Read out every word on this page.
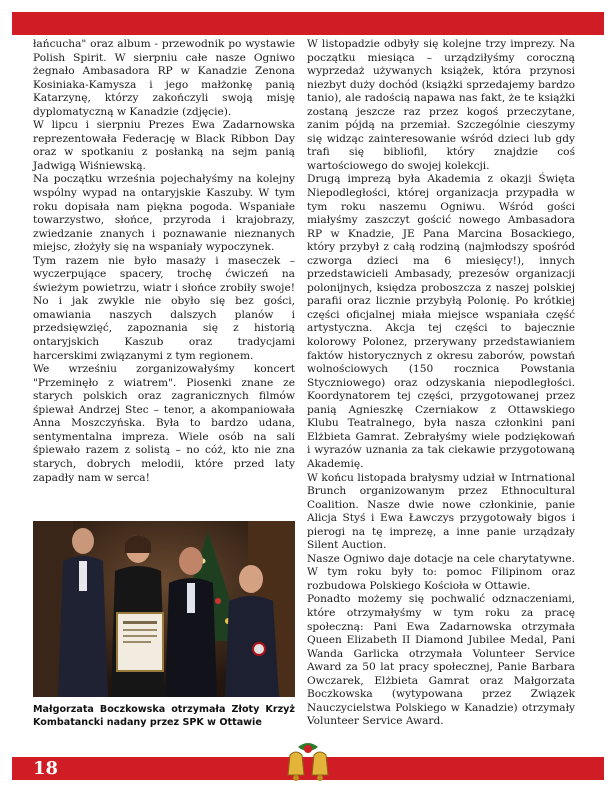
łańcucha" oraz album - przewodnik po wystawie Polish Spirit. W sierpniu całe nasze Ogniwo żegnało Ambasadora RP w Kanadzie Zenona Kosiniaka-Kamysza i jego małżonkę panią Katarzynę, którzy zakończyli swoją misję dyplomatyczną w Kanadzie (zdjęcie).

W lipcu i sierpniu Prezes Ewa Zadarnowska reprezentowała Federację w Black Ribbon Day oraz w spotkaniu z posłanką na sejm panią Jadwigą Wiśniewską.

Na początku września pojechałyśmy na kolejny wspólny wypad na ontaryjskie Kaszuby. W tym roku dopisała nam piękna pogoda. Wspaniałe towarzystwo, słońce, przyroda i krajobrazy, zwiedzanie znanych i poznawanie nieznanych miejsc, złożyły się na wspaniały wypoczynek.

Tym razem nie było masaży i maseczek – wyczerpujące spacery, trochę ćwiczeń na świeżym powietrzu, wiatr i słońce zrobiły swoje! No i jak zwykle nie obyło się bez gości, omawiania naszych dalszych planów i przedsięwzięć, zapoznania się z historią ontaryjskich Kaszub oraz tradycjami harcerskimi związanymi z tym regionem.

We wrześniu zorganizowałyśmy koncert "Przeminęło z wiatrem". Piosenki znane ze starych polskich oraz zagranicznych filmów śpiewał Andrzej Stec – tenor, a akompaniowała Anna Moszczyńska. Była to bardzo udana, sentymentalna impreza. Wiele osób na sali śpiewało razem z solistą – no cóż, kto nie zna starych, dobrych melodii, które przed laty zapadły nam w serca!

Małgorzata Boczkowska otrzymała Złoty Krzyż Kombatancki nadany przez SPK w Ottawie

W listopadzie odbyły się kolejne trzy imprezy. Na początku miesiąca – urządziłyśmy coroczną wyprzedaż używanych książek, która przynosi niezbyt duży dochód (książki sprzedajemy bardzo tanio), ale radością napawa nas fakt, że te książki zostaną jeszcze raz przez kogoś przeczytane, zanim pójdą na przemiał. Szczególnie cieszymy się widząc zainteresowanie wśród dzieci lub gdy trafi się bibliofil, który znajdzie coś wartościowego do swojej kolekcji.

Drugą imprezą była Akademia z okazji Święta Niepodległości, której organizacja przypadła w tym roku naszemu Ogniwu. Wśród gości miałyśmy zaszczyt gościć nowego Ambasadora RP w Knadzie, JE Pana Marcina Bosackiego, który przybył z całą rodziną (najmłodszy spośród czworga dzieci ma 6 miesięcy!), innych przedstawicieli Ambasady, prezesów organizacji polonijnych, księdza proboszcza z naszej polskiej parafii oraz licznie przybyłą Polonię. Po krótkiej części oficjalnej miała miejsce wspaniała część artystyczna. Akcja tej części to bajecznie kolorowy Polonez, przerywany przedstawianiem faktów historycznych z okresu zaborów, powstań wolnościowych (150 rocznica Powstania Styczniowego) oraz odzyskania niepodległości. Koordynatorem tej części, przygotowanej przez panią Agnieszkę Czerniakow z Ottawskiego Klubu Teatralnego, była nasza członkini pani Elżbieta Gamrat. Zebrałyśmy wiele podziękowań i wyrazów uznania za tak ciekawie przygotowaną Akademię.

W końcu listopada brałysmy udział w Intrnational Brunch organizowanym przez Ethnocultural Coalition. Nasze dwie nowe członkinie, panie Alicja Styś i Ewa Ławczys przygotowały bigos i pierogi na tę imprezę, a inne panie urządzały Silent Auction.

Nasze Ogniwo daje dotacje na cele charytatywne. W tym roku były to: pomoc Filipinom oraz rozbudowa Polskiego Kościoła w Ottawie.

Ponadto możemy się pochwalić odznaczeniami, które otrzymałyśmy w tym roku za pracę społeczną: Pani Ewa Zadarnowska otrzymała Queen Elizabeth II Diamond Jubilee Medal, Pani Wanda Garlicka otrzymała Volunteer Service Award za 50 lat pracy społecznej, Panie Barbara Owczarek, Elżbieta Gamrat oraz Małgorzata Boczkowska (wytypowana przez Związek Nauczycielstwa Polskiego w Kanadzie) otrzymały Volunteer Service Award.

18
